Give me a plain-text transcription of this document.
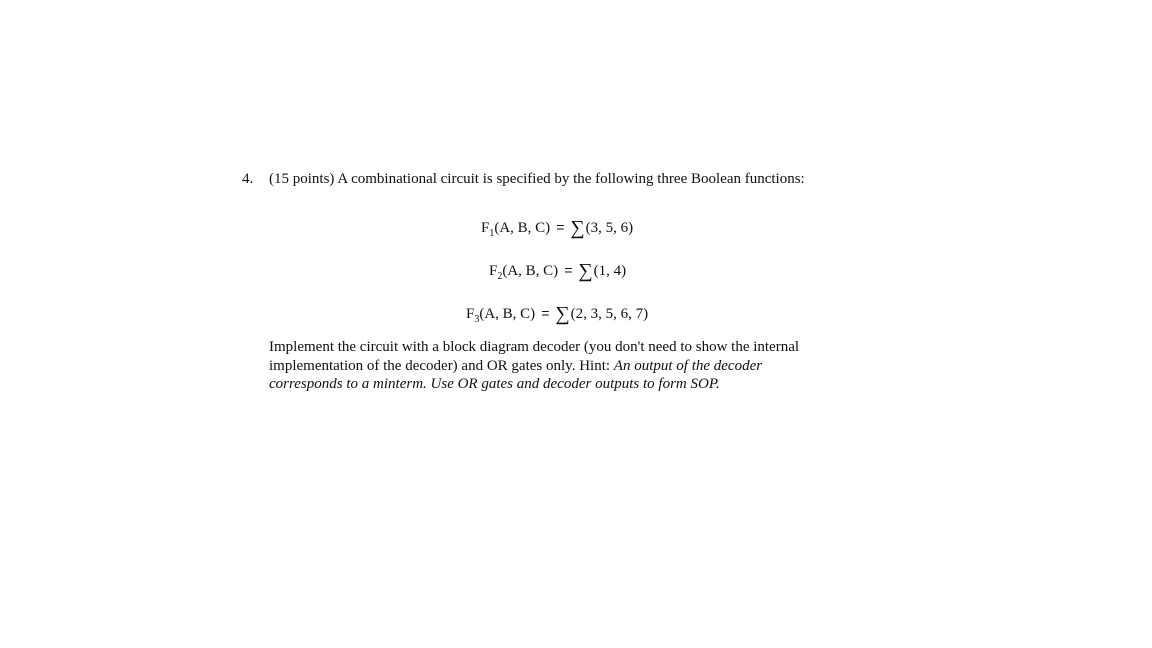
4. (15 points) A combinational circuit is specified by the following three Boolean functions:
$F_1(A$, B, C) = ∑(3, 5, 6)
$F_2(A$, B, C) = ∑(1, 4)
$F_3(A$, B, C) = ∑(2, 3, 5, 6, 7)
Implement the circuit with a block diagram decoder (you don't need to show the internal
implementation of the decoder) and OR gates only. Hint: An output of the decoder
corresponds to a minterm. Use OR gates and decoder outputs to form SOP.
